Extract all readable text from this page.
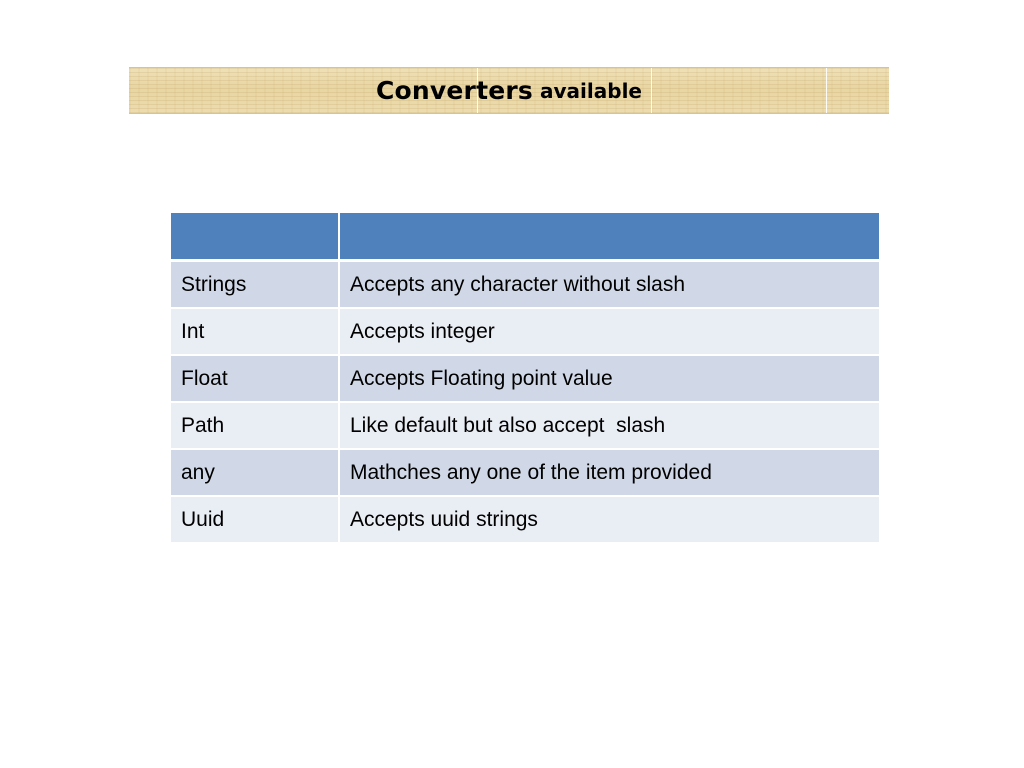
Converters available

Strings	Accepts any character without slash
Int	Accepts integer
Float	Accepts Floating point value
Path	Like default but also accept  slash
any	Mathches any one of the item provided
Uuid	Accepts uuid strings
